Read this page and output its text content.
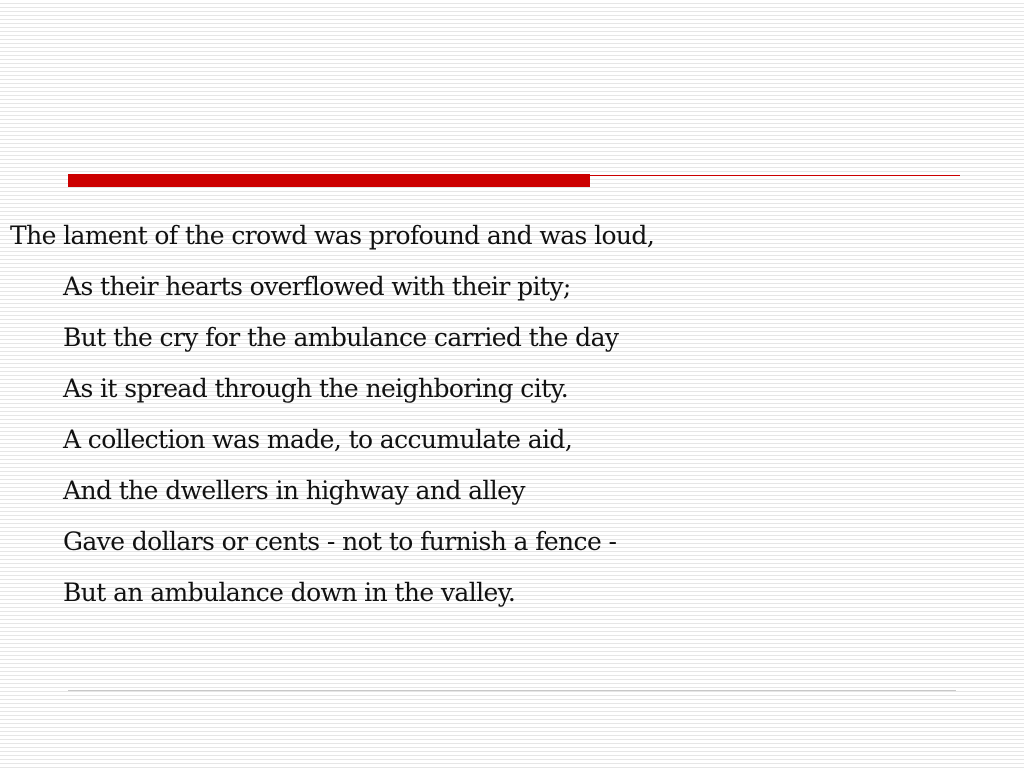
The lament of the crowd was profound and was loud,
As their hearts overflowed with their pity;
But the cry for the ambulance carried the day
As it spread through the neighboring city.
A collection was made, to accumulate aid,
And the dwellers in highway and alley
Gave dollars or cents - not to furnish a fence -
But an ambulance down in the valley.
